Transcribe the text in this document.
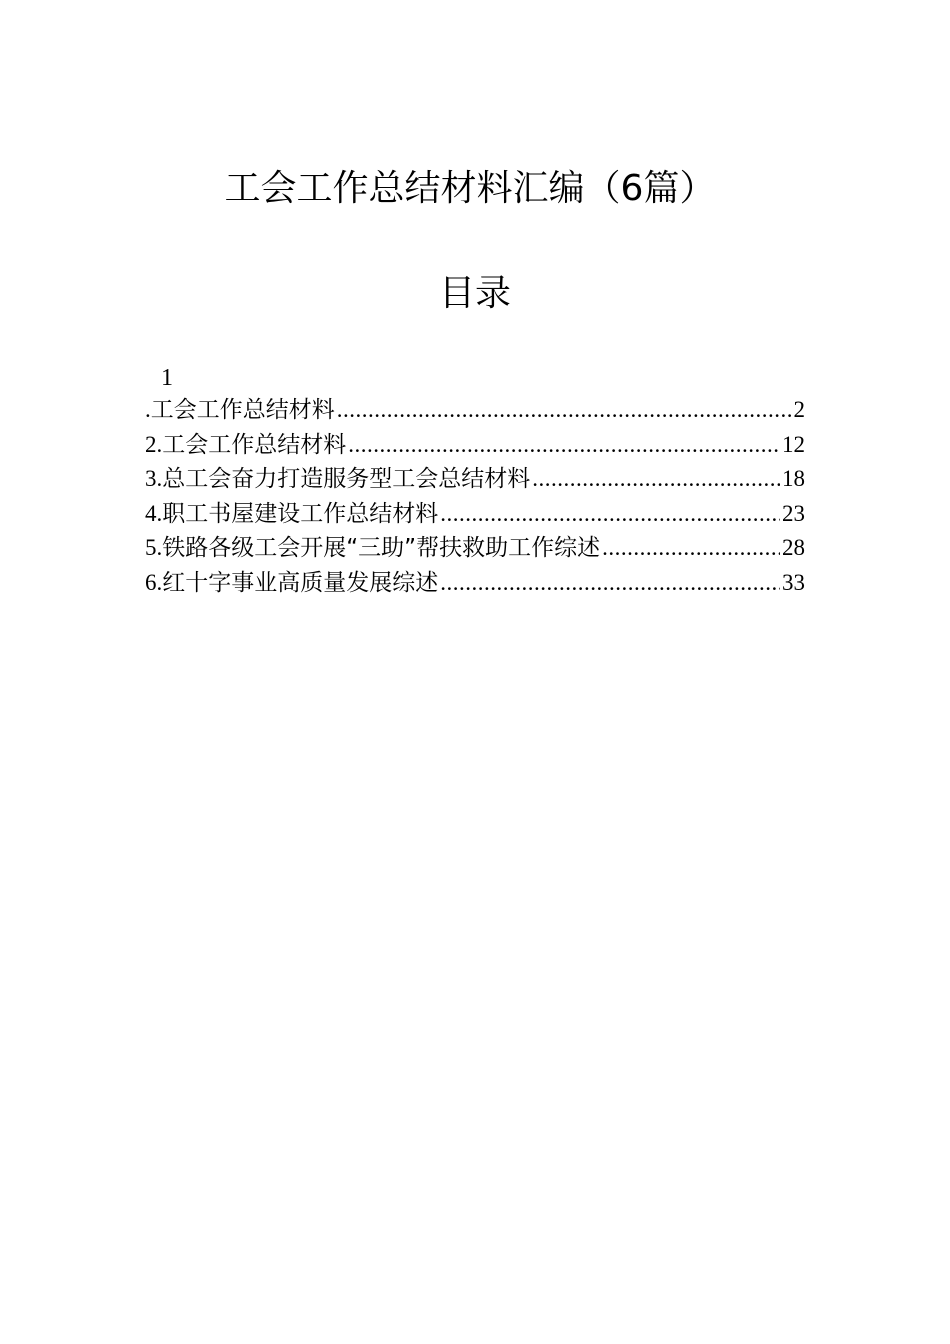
工会工作总结材料汇编（6篇）
目录
1
. 工会工作总结材料 .....	2
2. 工会工作总结材料 .....	12
3. 总工会奋力打造服务型工会总结材料 .....	18
4. 职工书屋建设工作总结材料 .....	23
5. 铁路各级工会开展“三助”帮扶救助工作综述 .....	28
6. 红十字事业高质量发展综述 .....	33
